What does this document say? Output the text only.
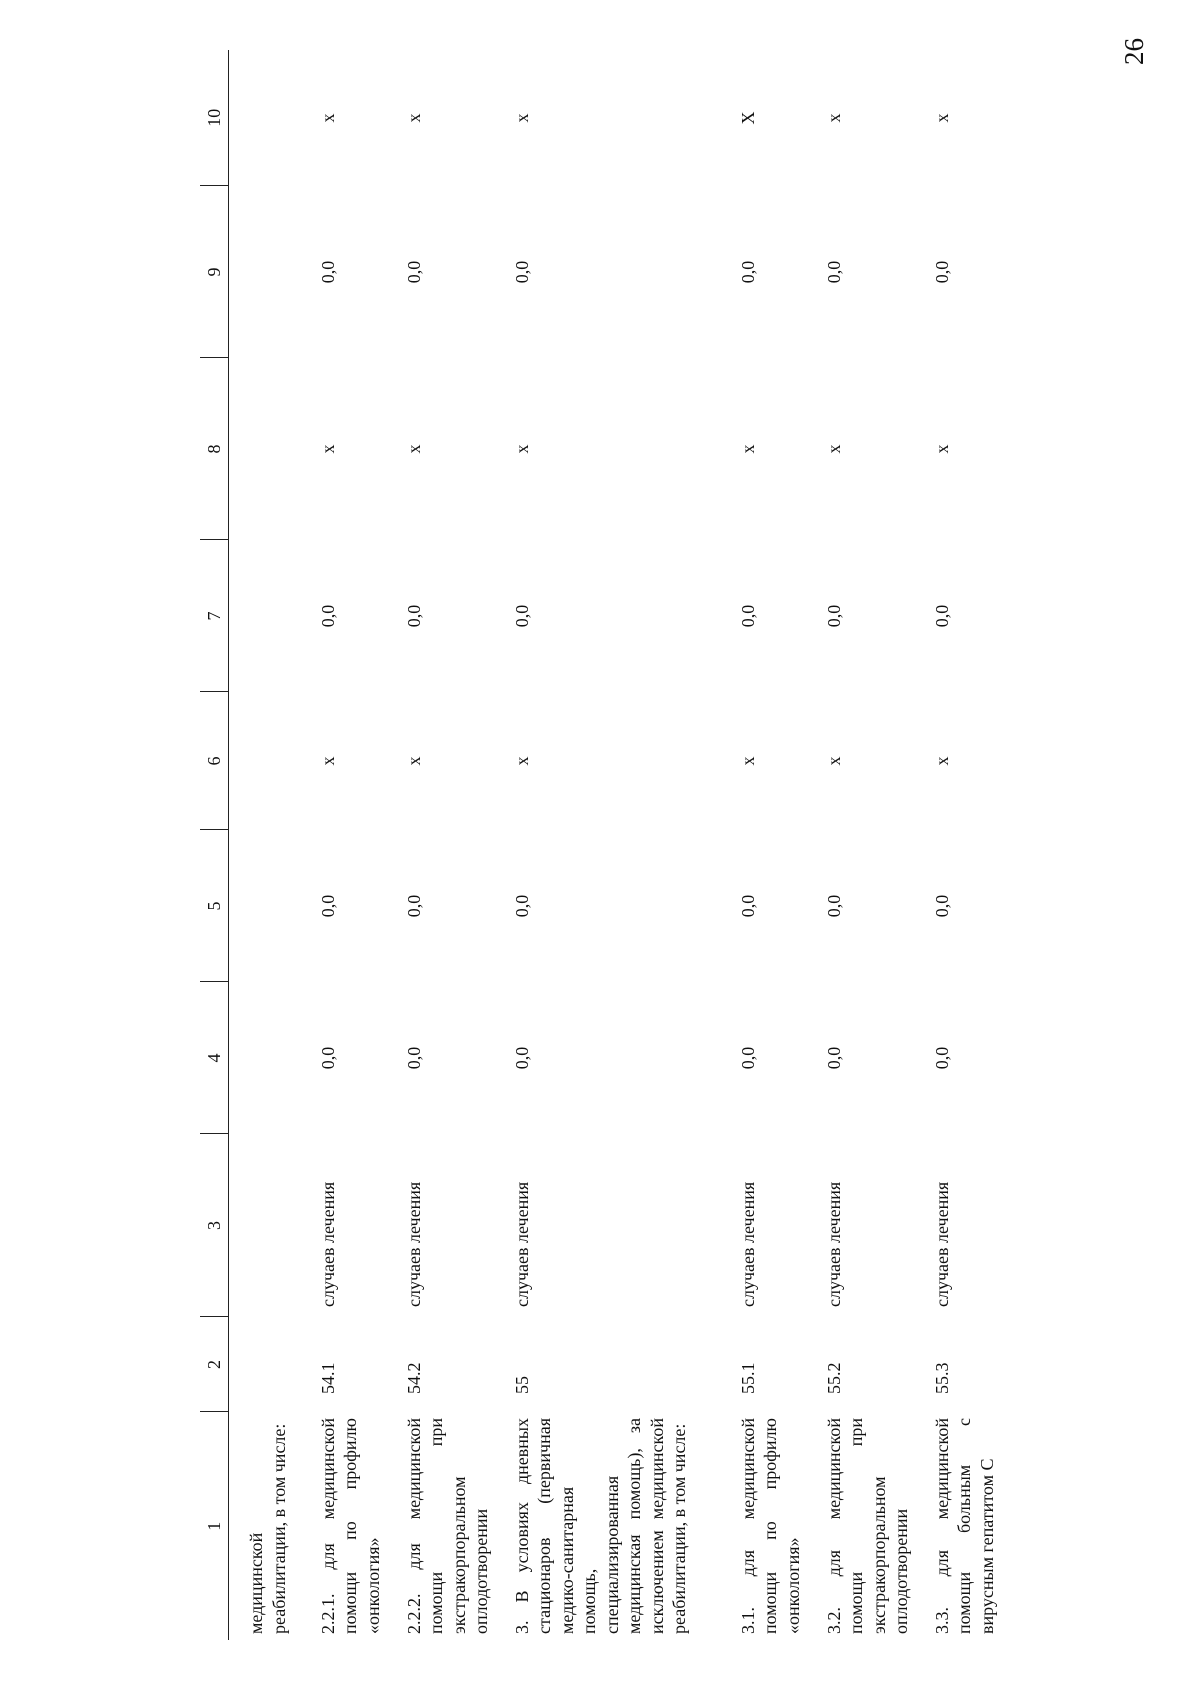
26
1	2	3	4	5	6	7	8	9	10
медицинской реабилитации, в том числе:									
2.2.1. для медицинской помощи по профилю «онкология»	54.1	случаев лечения	0,0	0,0	x	0,0	x	0,0	x
2.2.2. для медицинской помощи при экстракорпоральном оплодотворении	54.2	случаев лечения	0,0	0,0	x	0,0	x	0,0	x
3. В условиях дневных стационаров (первичная медико-санитарная помощь, специализированная медицинская помощь), за исключением медицинской реабилитации, в том числе:	55	случаев лечения	0,0	0,0	x	0,0	x	0,0	x
3.1. для медицинской помощи по профилю «онкология»	55.1	случаев лечения	0,0	0,0	x	0,0	x	0,0	X
3.2. для медицинской помощи при экстракорпоральном оплодотворении	55.2	случаев лечения	0,0	0,0	x	0,0	x	0,0	x
3.3. для медицинской помощи больным с вирусным гепатитом С	55.3	случаев лечения	0,0	0,0	x	0,0	x	0,0	x
